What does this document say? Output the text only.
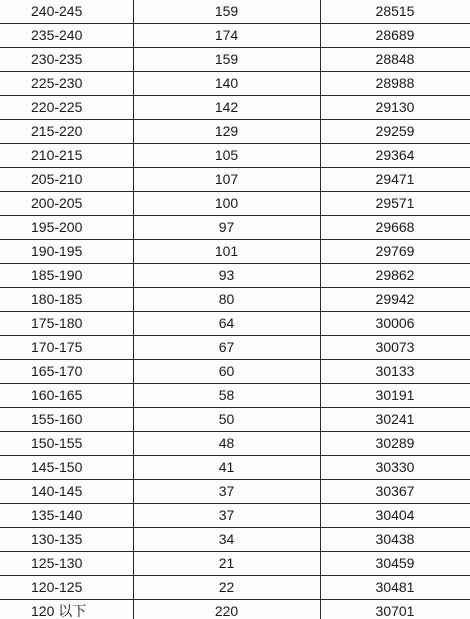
240-245	159	28515
235-240	174	28689
230-235	159	28848
225-230	140	28988
220-225	142	29130
215-220	129	29259
210-215	105	29364
205-210	107	29471
200-205	100	29571
195-200	97	29668
190-195	101	29769
185-190	93	29862
180-185	80	29942
175-180	64	30006
170-175	67	30073
165-170	60	30133
160-165	58	30191
155-160	50	30241
150-155	48	30289
145-150	41	30330
140-145	37	30367
135-140	37	30404
130-135	34	30438
125-130	21	30459
120-125	22	30481
120 以下	220	30701
